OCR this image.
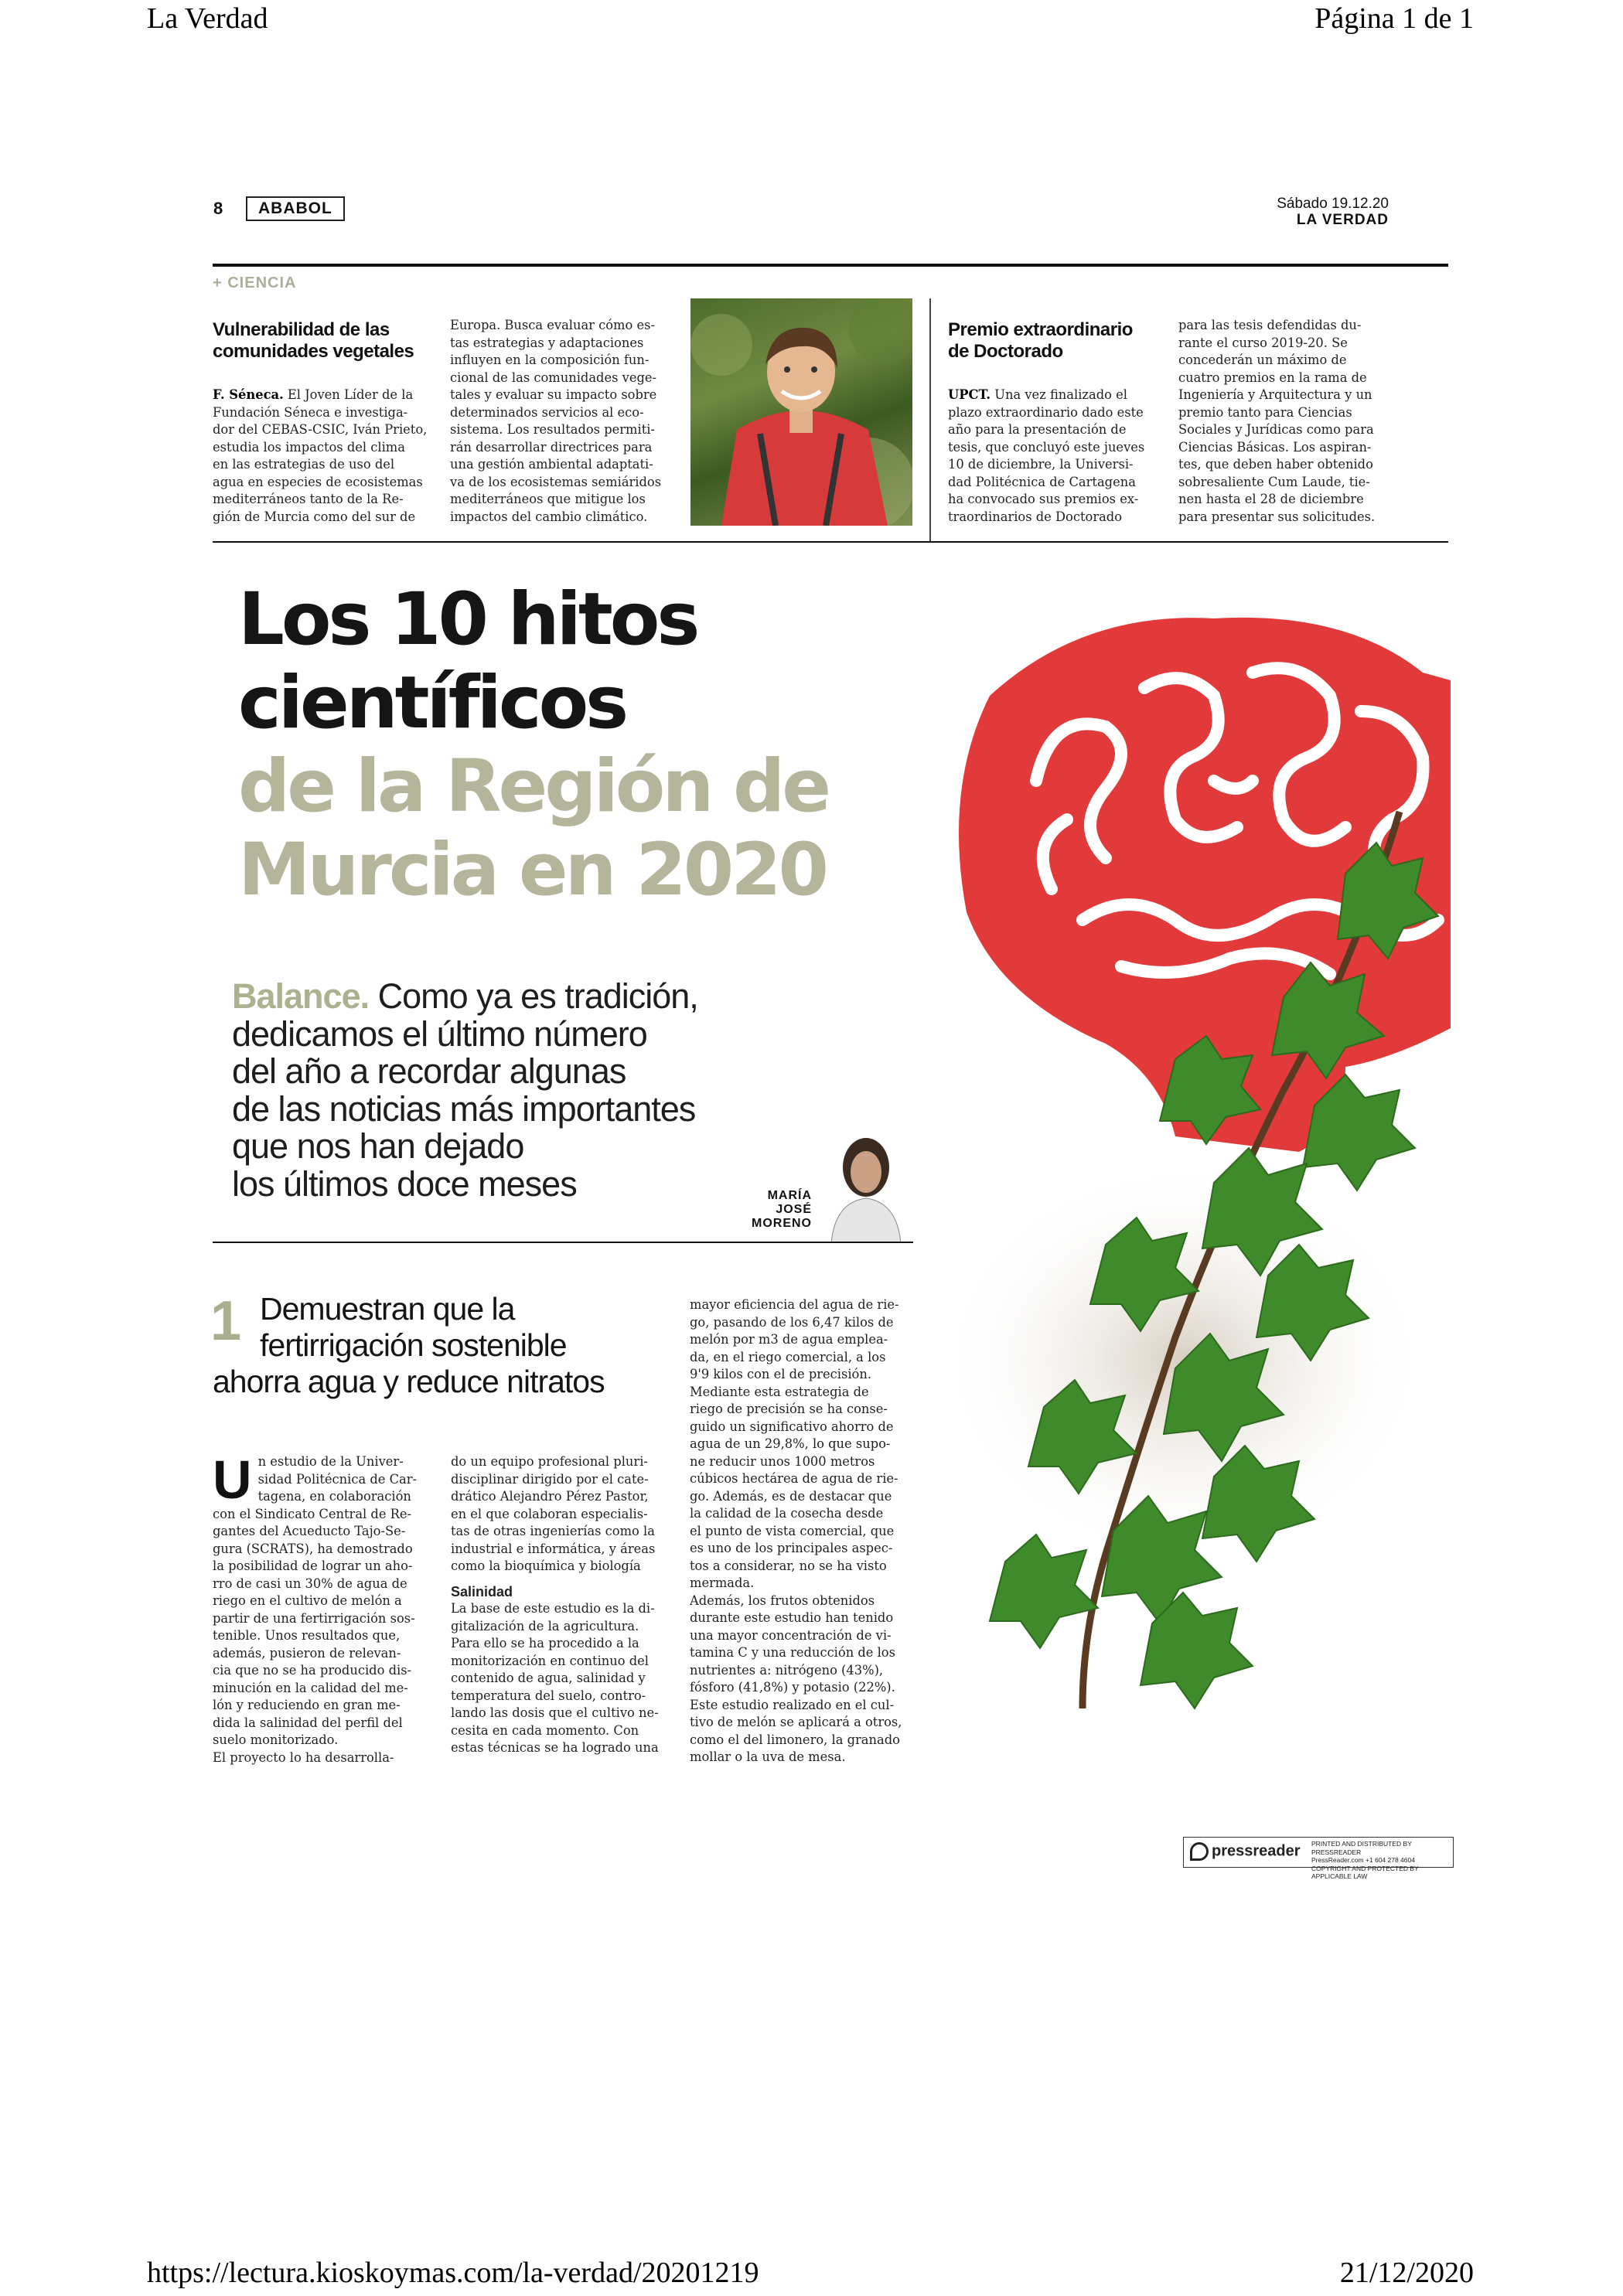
La Verdad	Página 1 de 1
8	ABABOL	Sábado 19.12.20
LA VERDAD
+ CIENCIA
Vulnerabilidad de las
comunidades vegetales
F. Séneca. El Joven Líder de la
Fundación Séneca e investiga-
dor del CEBAS-CSIC, Iván Prieto,
estudia los impactos del clima
en las estrategias de uso del
agua en especies de ecosistemas
mediterráneos tanto de la Re-
gión de Murcia como del sur de
Europa. Busca evaluar cómo es-
tas estrategias y adaptaciones
influyen en la composición fun-
cional de las comunidades vege-
tales y evaluar su impacto sobre
determinados servicios al eco-
sistema. Los resultados permiti-
rán desarrollar directrices para
una gestión ambiental adaptati-
va de los ecosistemas semiáridos
mediterráneos que mitigue los
impactos del cambio climático.
Premio extraordinario
de Doctorado
UPCT. Una vez finalizado el
plazo extraordinario dado este
año para la presentación de
tesis, que concluyó este jueves
10 de diciembre, la Universi-
dad Politécnica de Cartagena
ha convocado sus premios ex-
traordinarios de Doctorado
para las tesis defendidas du-
rante el curso 2019-20. Se
concederán un máximo de
cuatro premios en la rama de
Ingeniería y Arquitectura y un
premio tanto para Ciencias
Sociales y Jurídicas como para
Ciencias Básicas. Los aspiran-
tes, que deben haber obtenido
sobresaliente Cum Laude, tie-
nen hasta el 28 de diciembre
para presentar sus solicitudes.
Los 10 hitos
científicos
de la Región de
Murcia en 2020
Balance. Como ya es tradición,
dedicamos el último número
del año a recordar algunas
de las noticias más importantes
que nos han dejado
los últimos doce meses	MARÍA
JOSÉ
MORENO
1 Demuestran que la
fertirrigación sostenible
ahorra agua y reduce nitratos
U n estudio de la Univer-
sidad Politécnica de Car-
tagena, en colaboración
con el Sindicato Central de Re-
gantes del Acueducto Tajo-Se-
gura (SCRATS), ha demostrado
la posibilidad de lograr un aho-
rro de casi un 30% de agua de
riego en el cultivo de melón a
partir de una fertirrigación sos-
tenible. Unos resultados que,
además, pusieron de relevan-
cia que no se ha producido dis-
minución en la calidad del me-
lón y reduciendo en gran me-
dida la salinidad del perfil del
suelo monitorizado.
El proyecto lo ha desarrolla-
do un equipo profesional pluri-
disciplinar dirigido por el cate-
drático Alejandro Pérez Pastor,
en el que colaboran especialis-
tas de otras ingenierías como la
industrial e informática, y áreas
como la bioquímica y biología
Salinidad
La base de este estudio es la di-
gitalización de la agricultura.
Para ello se ha procedido a la
monitorización en continuo del
contenido de agua, salinidad y
temperatura del suelo, contro-
lando las dosis que el cultivo ne-
cesita en cada momento. Con
estas técnicas se ha logrado una
mayor eficiencia del agua de rie-
go, pasando de los 6,47 kilos de
melón por m3 de agua emplea-
da, en el riego comercial, a los
9'9 kilos con el de precisión.
Mediante esta estrategia de
riego de precisión se ha conse-
guido un significativo ahorro de
agua de un 29,8%, lo que supo-
ne reducir unos 1000 metros
cúbicos hectárea de agua de rie-
go. Además, es de destacar que
la calidad de la cosecha desde
el punto de vista comercial, que
es uno de los principales aspec-
tos a considerar, no se ha visto
mermada.
Además, los frutos obtenidos
durante este estudio han tenido
una mayor concentración de vi-
tamina C y una reducción de los
nutrientes a: nitrógeno (43%),
fósforo (41,8%) y potasio (22%).
Este estudio realizado en el cul-
tivo de melón se aplicará a otros,
como el del limonero, la granado
mollar o la uva de mesa.
pressreader PRINTED AND DISTRIBUTED BY PRESSREADER
PressReader.com +1 604 278 4604
COPYRIGHT AND PROTECTED BY APPLICABLE LAW
https://lectura.kioskoymas.com/la-verdad/20201219	21/12/2020
